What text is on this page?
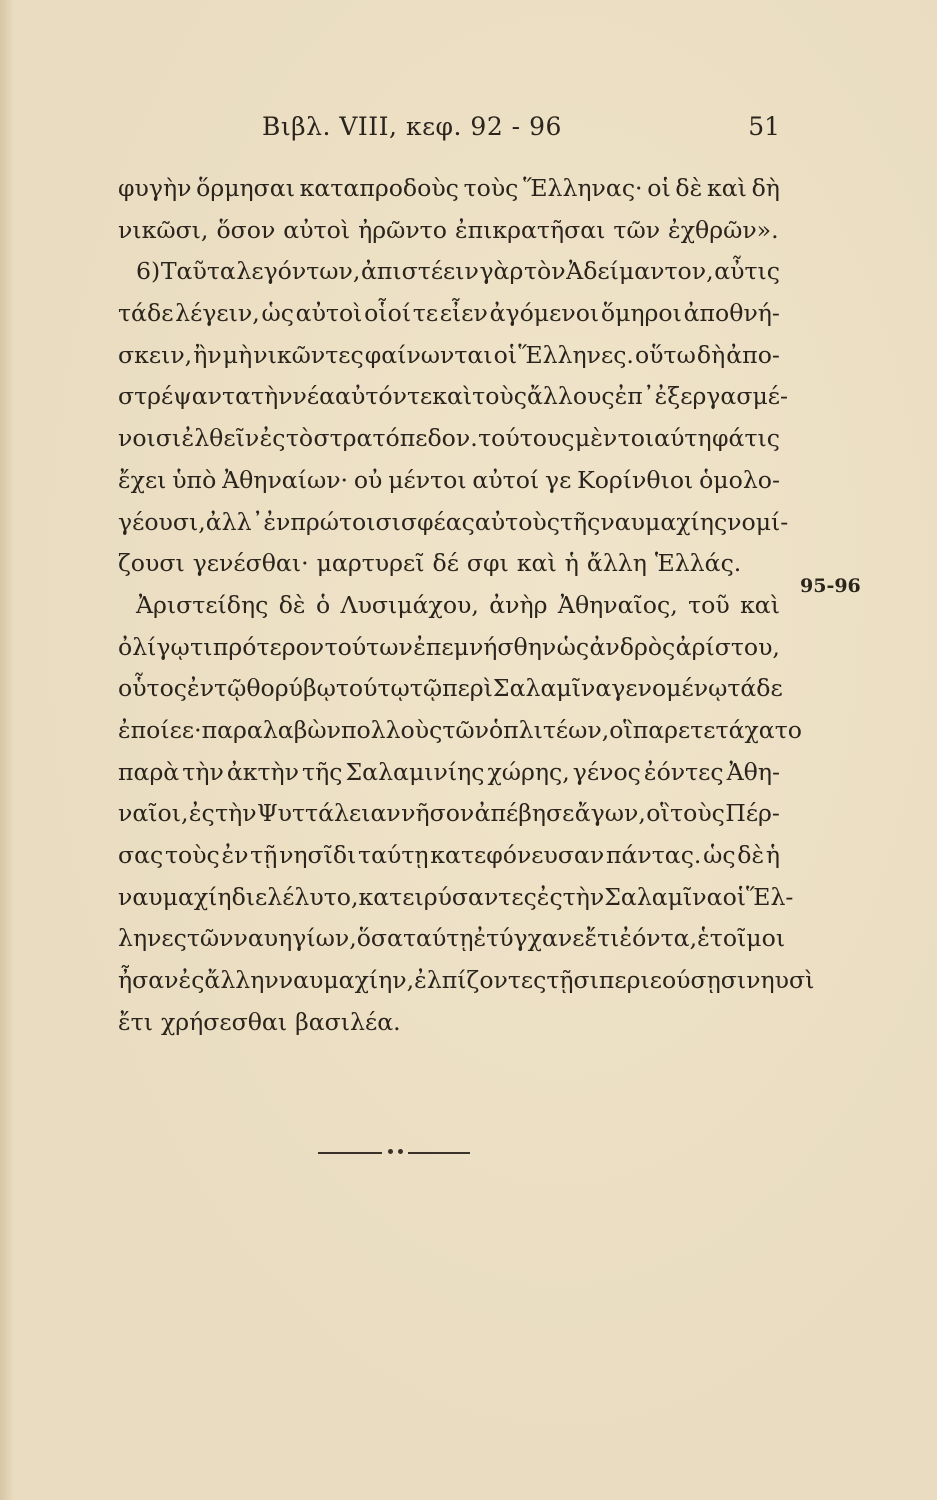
Βιβλ. VIII, κεφ. 92 - 96	51
φυγὴν ὅρμησαι καταπροδοὺς τοὺς Ἕλληνας· οἱ δὲ καὶ δὴ
νικῶσι, ὅσον αὐτοὶ ἠρῶντο ἐπικρατῆσαι τῶν ἐχθρῶν».
6) Ταῦτα λεγόντων, ἀπιστέειν γὰρ τὸν Ἀδείμαντον, αὖτις
τάδε λέγειν, ὡς αὐτοὶ οἷοί τε εἶεν ἀγόμενοι ὅμηροι ἀποθνή-
σκειν, ἢν μὴ νικῶντες φαίνωνται οἱ Ἕλληνες. οὕτω δὴ ἀπο-
στρέψαντα τὴν νέα αὐτόν τε καὶ τοὺς ἄλλους ἐπ᾽ ἐξεργασμέ-
νοισι ἐλθεῖν ἐς τὸ στρατόπεδον. τούτους μὲν τοιαύτη φάτις
ἔχει ὑπὸ Ἀθηναίων· οὐ μέντοι αὐτοί γε Κορίνθιοι ὁμολο-
γέουσι, ἀλλ᾽ ἐν πρώτοισι σφέας αὐτοὺς τῆς ναυμαχίης νομί-
ζουσι γενέσθαι· μαρτυρεῖ δέ σφι καὶ ἡ ἄλλη Ἑλλάς.
Ἀριστείδης δὲ ὁ Λυσιμάχου, ἀνὴρ Ἀθηναῖος, τοῦ καὶ
ὀλίγῳ τι πρότερον τούτων ἐπεμνήσθην ὡς ἀνδρὸς ἀρίστου,
οὗτος ἐν τῷ θορύβῳ τούτῳ τῷ περὶ Σαλαμῖνα γενομένῳ τάδε
ἐποίεε· παραλαβὼν πολλοὺς τῶν ὁπλιτέων, οἳ παρετετάχατο
παρὰ τὴν ἀκτὴν τῆς Σαλαμινίης χώρης, γένος ἐόντες Ἀθη-
ναῖοι, ἐς τὴν Ψυττάλειαν νῆσον ἀπέβησε ἄγων, οἳ τοὺς Πέρ-
σας τοὺς ἐν τῇ νησῖδι ταύτῃ κατεφόνευσαν πάντας. ὡς δὲ ἡ
ναυμαχίη διελέλυτο, κατειρύσαντες ἐς τὴν Σαλαμῖνα οἱ Ἕλ-
ληνες τῶν ναυηγίων, ὅσα ταύτῃ ἐτύγχανε ἔτι ἐόντα, ἑτοῖμοι
ἦσαν ἐς ἄλλην ναυμαχίην, ἐλπίζοντες τῇσι περιεούσῃσι νηυσὶ
ἔτι χρήσεσθαι βασιλέα.
95-96
